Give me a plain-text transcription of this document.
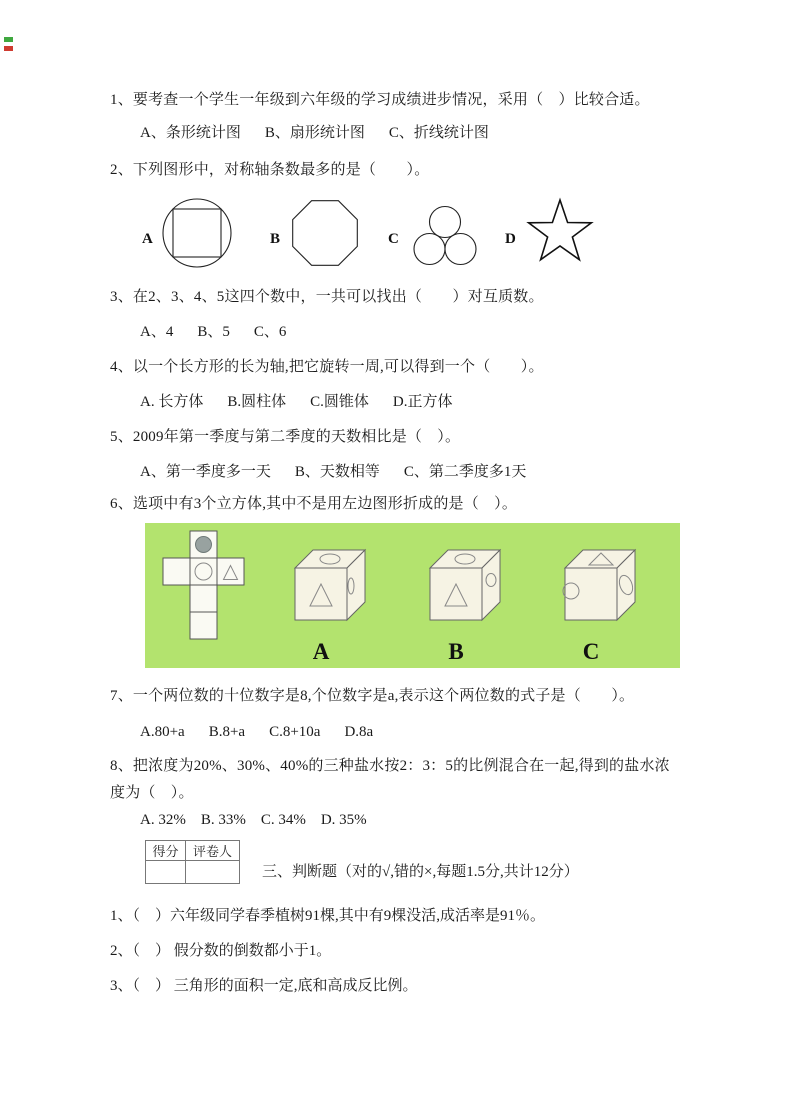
1、要考查一个学生一年级到六年级的学习成绩进步情况，采用（　）比较合适。
A、条形统计图 B、扇形统计图 C、折线统计图
2、下列图形中，对称轴条数最多的是（　　）。
A	B	C	D
3、在2、3、4、5这四个数中，一共可以找出（　　）对互质数。
A、4 B、5 C、6
4、以一个长方形的长为轴,把它旋转一周,可以得到一个（　　）。
A. 长方体 B.圆柱体 C.圆锥体 D.正方体
5、2009年第一季度与第二季度的天数相比是（　）。
A、第一季度多一天 B、天数相等 C、第二季度多1天
6、选项中有3个立方体,其中不是用左边图形折成的是（　）。
A	B	C
7、一个两位数的十位数字是8,个位数字是a,表示这个两位数的式子是（　　）。
A.80+a B.8+a C.8+10a D.8a
8、把浓度为20%、30%、40%的三种盐水按2：3：5的比例混合在一起,得到的盐水浓度为（　）。
A. 32% B. 33% C. 34% D. 35%
得分	评卷人

三、判断题（对的√,错的×,每题1.5分,共计12分）
1、（　）六年级同学春季植树91棵,其中有9棵没活,成活率是91％。
2、（　） 假分数的倒数都小于1。
3、（　） 三角形的面积一定,底和高成反比例。
